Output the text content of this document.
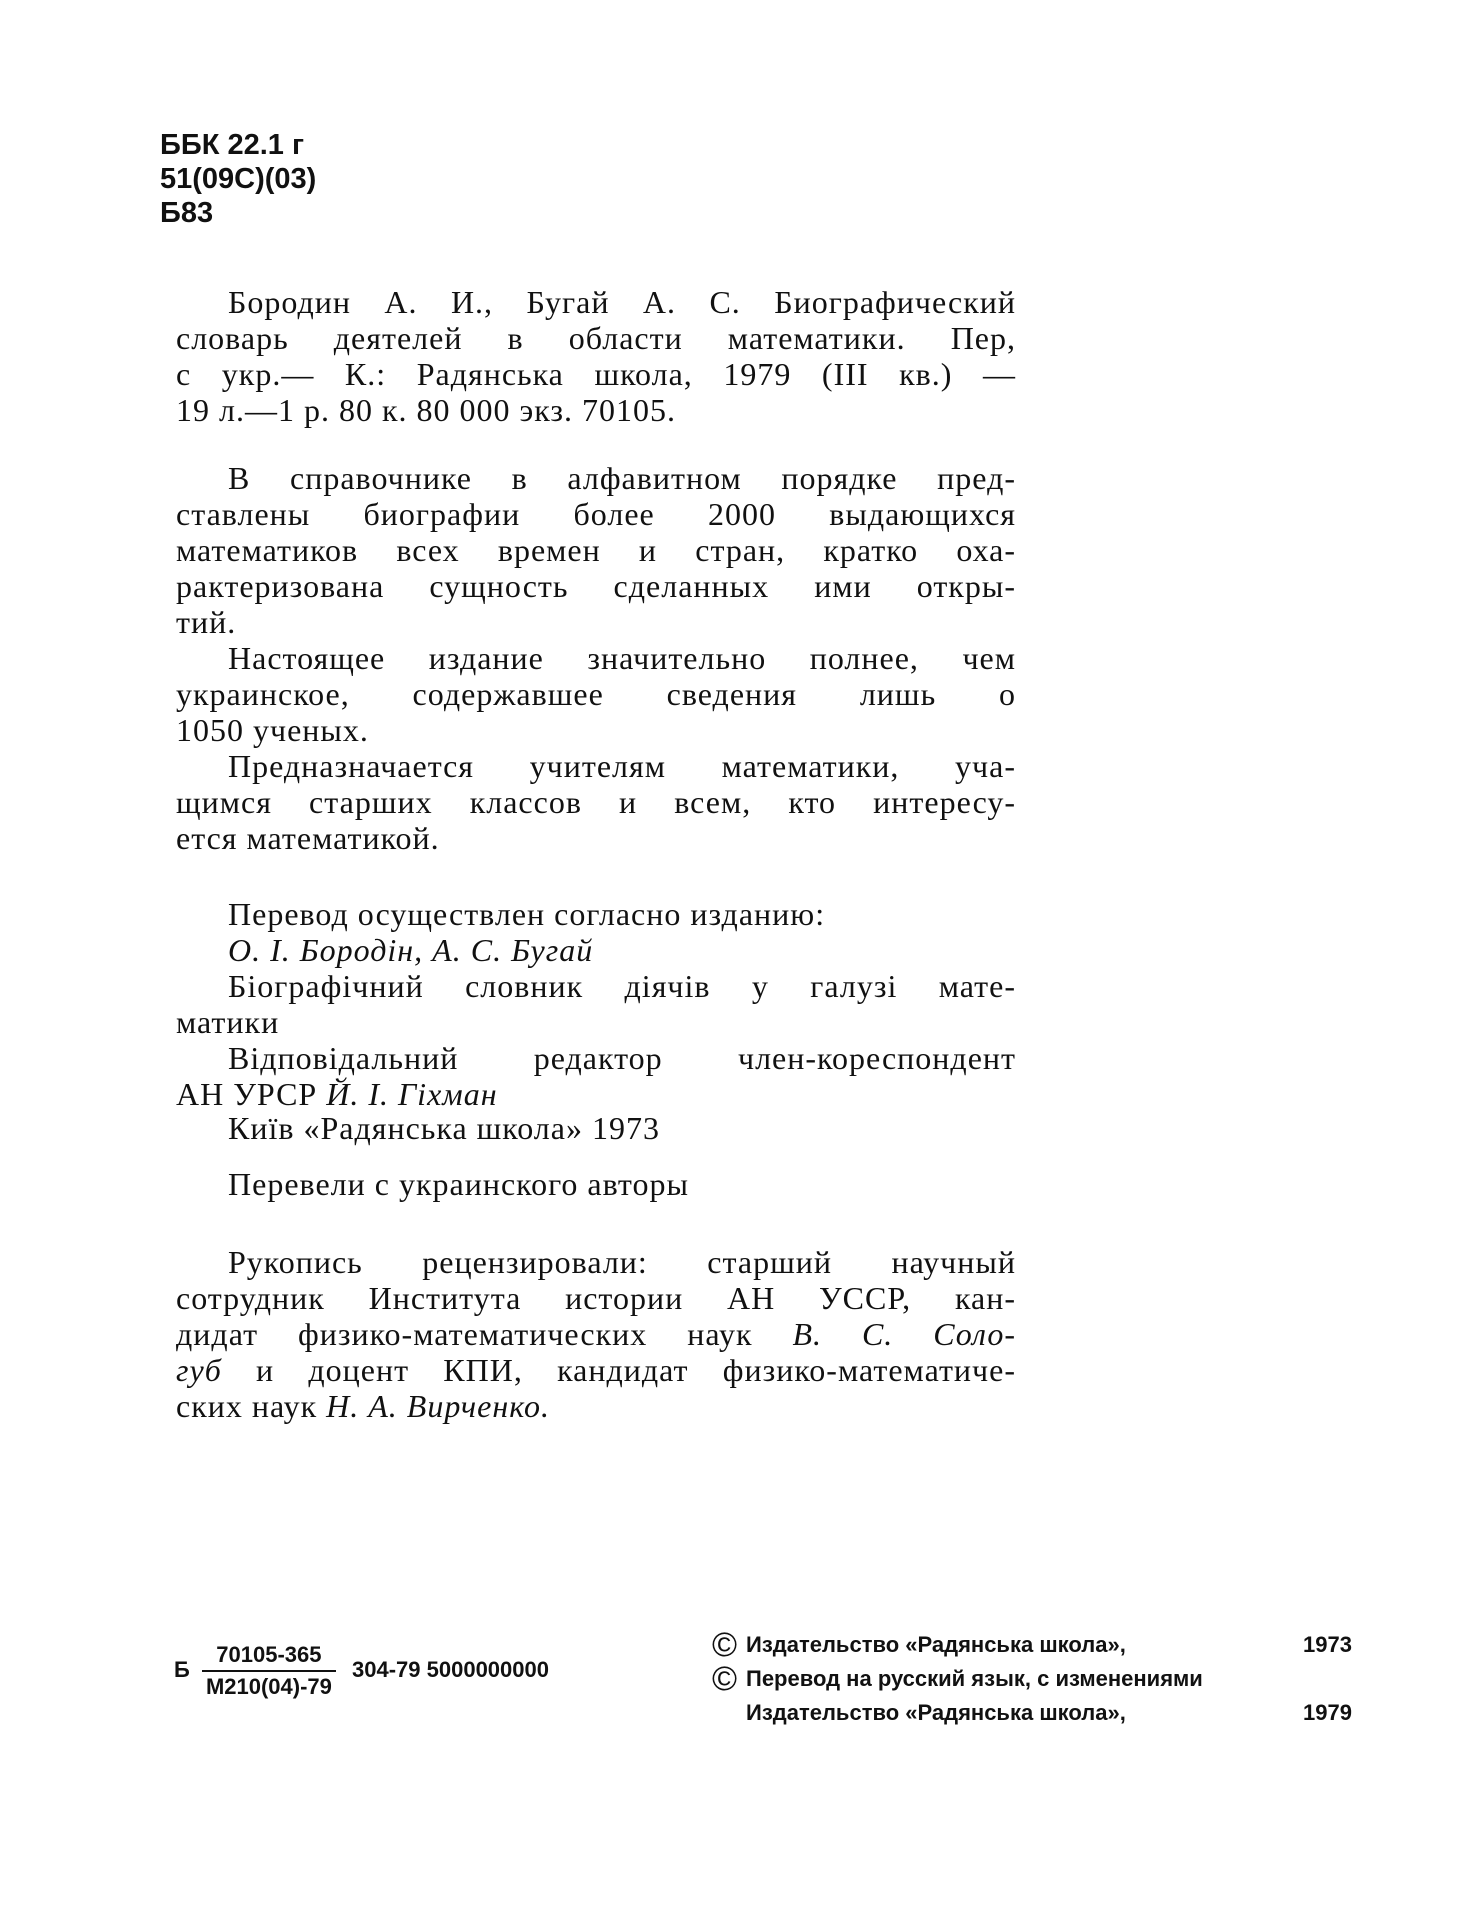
ББК 22.1 г
51(09С)(03)
Б83
Бородин А. И., Бугай А. С. Биографический
словарь деятелей в области математики. Пер,
с укр.— К.: Радянська школа, 1979 (III кв.) —
19 л.—1 р. 80 к. 80 000 экз. 70105.
В справочнике в алфавитном порядке пред-
ставлены биографии более 2000 выдающихся
математиков всех времен и стран, кратко оха-
рактеризована сущность сделанных ими откры-
тий.
Настоящее издание значительно полнее, чем
украинское, содержавшее сведения лишь о
1050 ученых.
Предназначается учителям математики, уча-
щимся старших классов и всем, кто интересу-
ется математикой.
Перевод осуществлен согласно изданию:
О. І. Бородін, А. С. Бугай
Біографічний словник діячів у галузі мате-
матики
Відповідальний редактор член-кореспондент
АН УРСР Й. І. Гіхман
Київ «Радянська школа» 1973
Перевели с украинского авторы
Рукопись рецензировали: старший научный
сотрудник Института истории АН УССР, кан-
дидат физико-математических наук В. С. Соло-
губ и доцент КПИ, кандидат физико-математиче-
ских наук Н. А. Вирченко.
Б $\frac{70105-365}{М210(04)-79} 304-79$ 5000000000
© Издательство «Радянська школа»,	1973
© Перевод на русский язык, с изменениями
Издательство «Радянська школа»,	1979
